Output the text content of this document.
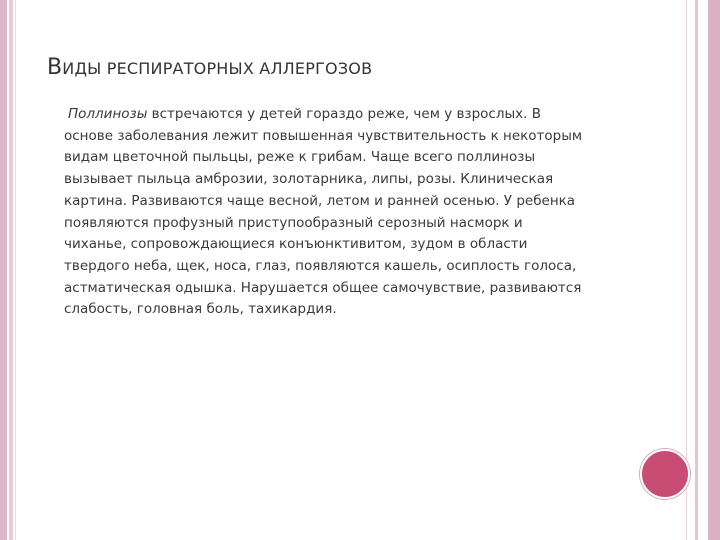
ВИДЫ РЕСПИРАТОРНЫХ АЛЛЕРГОЗОВ
Поллинозы встречаются у детей гораздо реже, чем у взрослых. В
основе заболевания лежит повышенная чувствительность к некоторым
видам цветочной пыльцы, реже к грибам. Чаще всего поллинозы
вызывает пыльца амброзии, золотарника, липы, розы. Клиническая
картина. Развиваются чаще весной, летом и ранней осенью. У ребенка
появляются профузный приступообразный серозный насморк и
чиханье, сопровождающиеся конъюнктивитом, зудом в области
твердого неба, щек, носа, глаз, появляются кашель, осиплость голоса,
астматическая одышка. Нарушается общее самочувствие, развиваются
слабость, головная боль, тахикардия.
